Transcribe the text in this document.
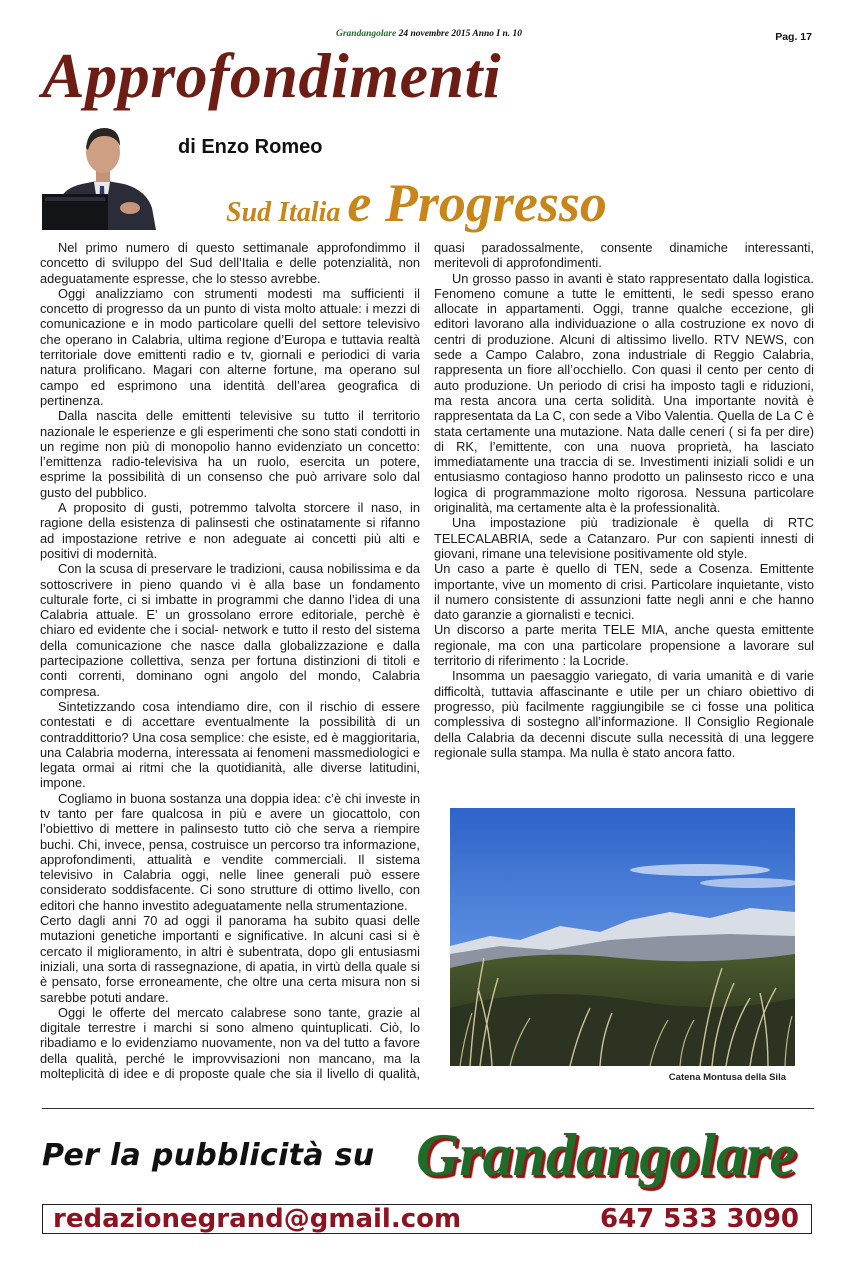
Grandangolare 24 novembre 2015 Anno I n. 10	Pag. 17
Approfondimenti
di Enzo Romeo
Sud Italia e Progresso

Nel primo numero di questo settimanale approfondimmo il concetto di sviluppo del Sud dell’Italia e delle potenzialità, non adeguatamente espresse, che lo stesso avrebbe.

Oggi analizziamo con strumenti modesti ma sufficienti il concetto di progresso da un punto di vista molto attuale: i mezzi di comunicazione e in modo particolare quelli del settore televisivo che operano in Calabria, ultima regione d’Europa e tuttavia realtà territoriale dove emittenti radio e tv, giornali e periodici di varia natura prolificano. Magari con alterne fortune, ma operano sul campo ed esprimono una identità dell’area geografica di pertinenza.

Dalla nascita delle emittenti televisive su tutto il territorio nazionale le esperienze e gli esperimenti che sono stati condotti in un regime non più di monopolio hanno evidenziato un concetto: l’emittenza radio-televisiva ha un ruolo, esercita un potere, esprime la possibilità di un consenso che può arrivare solo dal gusto del pubblico.

A proposito di gusti, potremmo talvolta storcere il naso, in ragione della esistenza di palinsesti che ostinatamente si rifanno ad impostazione retrive e non adeguate ai concetti più alti e positivi di modernità.

Con la scusa di preservare le tradizioni, causa nobilissima e da sottoscrivere in pieno quando vi è alla base un fondamento culturale forte, ci si imbatte in programmi che danno l’idea di una Calabria attuale. E’ un grossolano errore editoriale, perchè è chiaro ed evidente che i social- network e tutto il resto del sistema della comunicazione che nasce dalla globalizzazione e dalla partecipazione collettiva, senza per fortuna distinzioni di titoli e conti correnti, dominano ogni angolo del mondo, Calabria compresa.

Sintetizzando cosa intendiamo dire, con il rischio di essere contestati e di accettare eventualmente la possibilità di un contraddittorio? Una cosa semplice: che esiste, ed è maggioritaria, una Calabria moderna, interessata ai fenomeni massmediologici e legata ormai ai ritmi che la quotidianità, alle diverse latitudini, impone.

Cogliamo in buona sostanza una doppia idea: c’è chi investe in tv tanto per fare qualcosa in più e avere un giocattolo, con l’obiettivo di mettere in palinsesto tutto ciò che serva a riempire buchi. Chi, invece, pensa, costruisce un percorso tra informazione, approfondimenti, attualità e vendite commerciali. Il sistema televisivo in Calabria oggi, nelle linee generali può essere considerato soddisfacente. Ci sono strutture di ottimo livello, con editori che hanno investito adeguatamente nella strumentazione.

Certo dagli anni 70 ad oggi il panorama ha subito quasi delle mutazioni genetiche importanti e significative. In alcuni casi si è cercato il miglioramento, in altri è subentrata, dopo gli entusiasmi iniziali, una sorta di rassegnazione, di apatia, in virtù della quale si è pensato, forse erroneamente, che oltre una certa misura non si sarebbe potuti andare.

Oggi le offerte del mercato calabrese sono tante, grazie al digitale terrestre i marchi si sono almeno quintuplicati. Ciò, lo ribadiamo e lo evidenziamo nuovamente, non va del tutto a favore della qualità, perché le improvvisazioni non mancano, ma la molteplicità di idee e di proposte quale che sia il livello di qualità, quasi paradossalmente, consente dinamiche interessanti, meritevoli di approfondimenti.

Un grosso passo in avanti è stato rappresentato dalla logistica. Fenomeno comune a tutte le emittenti, le sedi spesso erano allocate in appartamenti. Oggi, tranne qualche eccezione, gli editori lavorano alla individuazione o alla costruzione ex novo di centri di produzione. Alcuni di altissimo livello. RTV NEWS, con sede a Campo Calabro, zona industriale di Reggio Calabria, rappresenta un fiore all’occhiello. Con quasi il cento per cento di auto produzione. Un periodo di crisi ha imposto tagli e riduzioni, ma resta ancora una certa solidità. Una importante novità è rappresentata da La C, con sede a Vibo Valentia. Quella de La C è stata certamente una mutazione. Nata dalle ceneri ( si fa per dire) di RK, l’emittente, con una nuova proprietà, ha lasciato immediatamente una traccia di se. Investimenti iniziali solidi e un entusiasmo contagioso hanno prodotto un palinsesto ricco e una logica di programmazione molto rigorosa. Nessuna particolare originalità, ma certamente alta è la professionalità.

Una impostazione più tradizionale è quella di RTC TELECALABRIA, sede a Catanzaro. Pur con sapienti innesti di giovani, rimane una televisione positivamente old style.

Un caso a parte è quello di TEN, sede a Cosenza. Emittente importante, vive un momento di crisi. Particolare inquietante, visto il numero consistente di assunzioni fatte negli anni e che hanno dato garanzie a giornalisti e tecnici.

Un discorso a parte merita TELE MIA, anche questa emittente regionale, ma con una particolare propensione a lavorare sul territorio di riferimento : la Locride.

Insomma un paesaggio variegato, di varia umanità e di varie difficoltà, tuttavia affascinante e utile per un chiaro obiettivo di progresso, più facilmente raggiungibile se ci fosse una politica complessiva di sostegno all’informazione. Il Consiglio Regionale della Calabria da decenni discute sulla necessità di una leggere regionale sulla stampa. Ma nulla è stato ancora fatto.

Catena Montusa della Sila
Per la pubblicità su Grandangolare
redazionegrand@gmail.com	647 533 3090
